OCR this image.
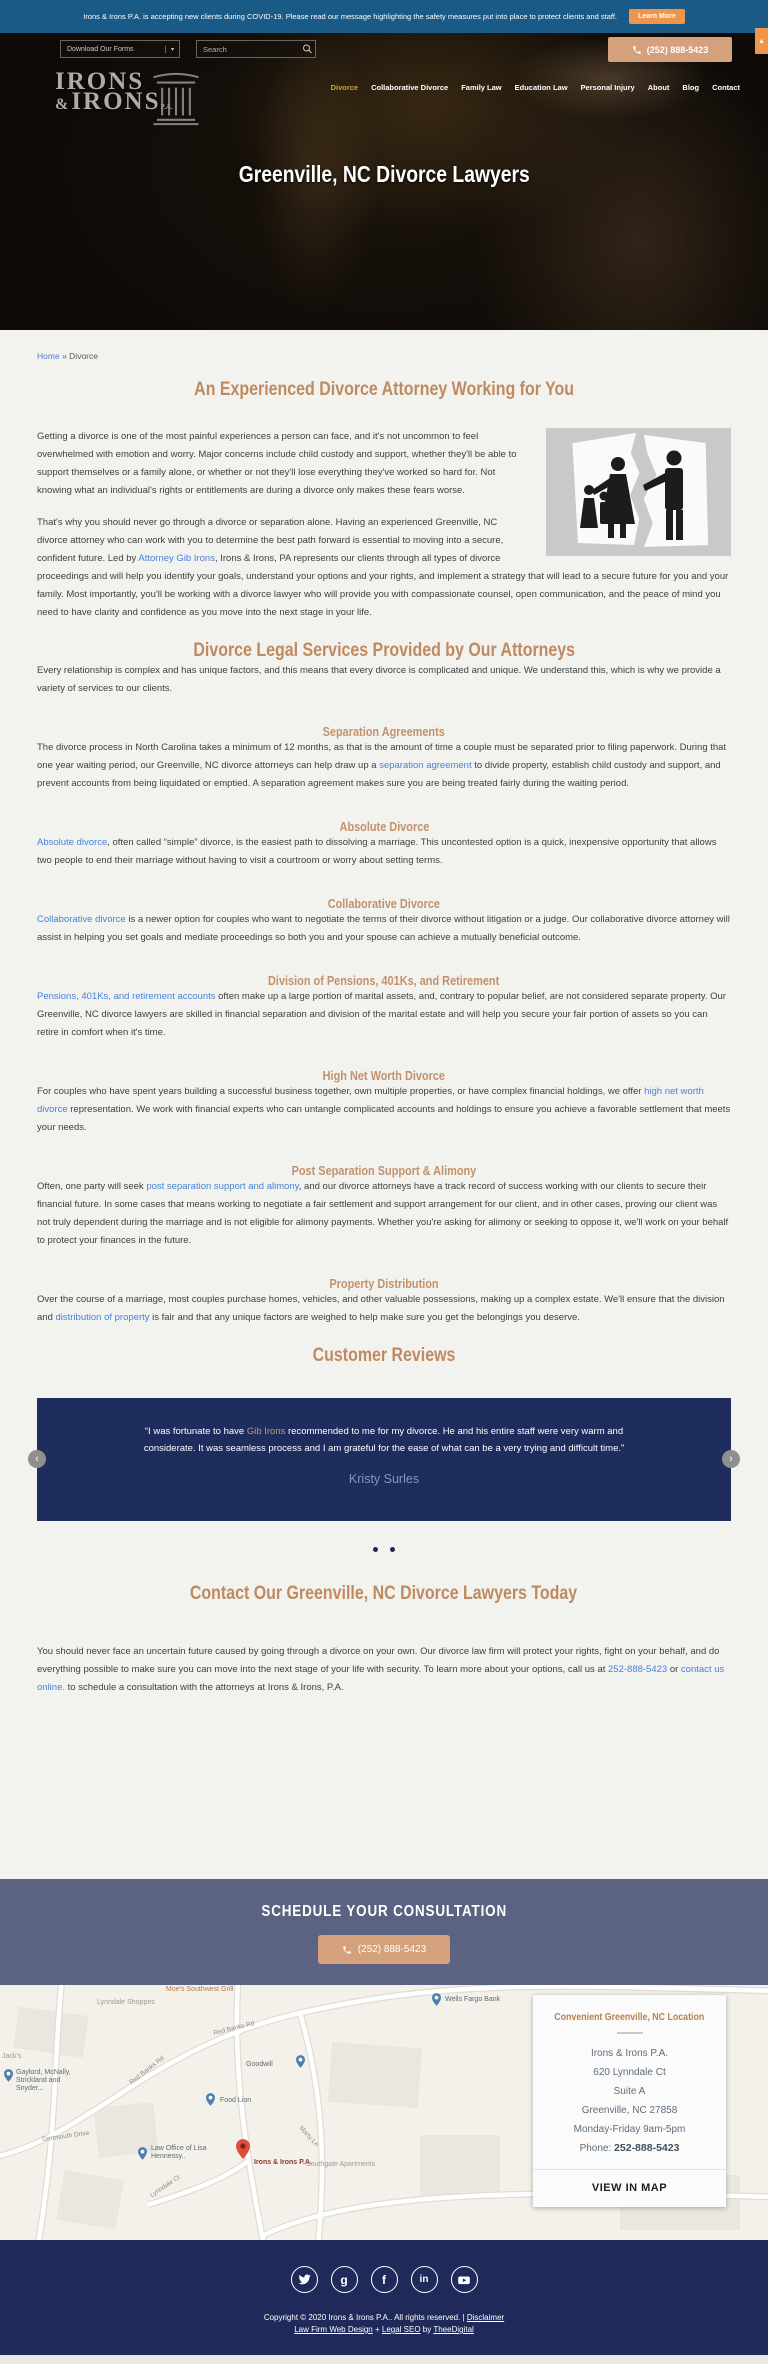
Irons & Irons P.A. is accepting new clients during COVID-19. Please read our message highlighting the safety measures put into place to protect clients and staff.	Learn More
▲
Download Our Forms	▾
Search	(252) 888-5423
IRONS
&IRONSP.A.
Divorce Collaborative Divorce Family Law Education Law Personal Injury About Blog Contact
Greenville, NC Divorce Lawyers
Home » Divorce
An Experienced Divorce Attorney Working for You

Getting a divorce is one of the most painful experiences a person can face, and it's not uncommon to feel overwhelmed with emotion and worry. Major concerns include child custody and support, whether they'll be able to support themselves or a family alone, or whether or not they'll lose everything they've worked so hard for. Not knowing what an individual's rights or entitlements are during a divorce only makes these fears worse.

That's why you should never go through a divorce or separation alone. Having an experienced Greenville, NC divorce attorney who can work with you to determine the best path forward is essential to moving into a secure, confident future. Led by Attorney Gib Irons, Irons & Irons, PA represents our clients through all types of divorce proceedings and will help you identify your goals, understand your options and your rights, and implement a strategy that will lead to a secure future for you and your family. Most importantly, you'll be working with a divorce lawyer who will provide you with compassionate counsel, open communication, and the peace of mind you need to have clarity and confidence as you move into the next stage in your life.

Divorce Legal Services Provided by Our Attorneys

Every relationship is complex and has unique factors, and this means that every divorce is complicated and unique. We understand this, which is why we provide a variety of services to our clients.

Separation Agreements

The divorce process in North Carolina takes a minimum of 12 months, as that is the amount of time a couple must be separated prior to filing paperwork. During that one year waiting period, our Greenville, NC divorce attorneys can help draw up a separation agreement to divide property, establish child custody and support, and prevent accounts from being liquidated or emptied. A separation agreement makes sure you are being treated fairly during the waiting period.

Absolute Divorce

Absolute divorce, often called “simple” divorce, is the easiest path to dissolving a marriage. This uncontested option is a quick, inexpensive opportunity that allows two people to end their marriage without having to visit a courtroom or worry about setting terms.

Collaborative Divorce

Collaborative divorce is a newer option for couples who want to negotiate the terms of their divorce without litigation or a judge. Our collaborative divorce attorney will assist in helping you set goals and mediate proceedings so both you and your spouse can achieve a mutually beneficial outcome.

Division of Pensions, 401Ks, and Retirement

Pensions, 401Ks, and retirement accounts often make up a large portion of marital assets, and, contrary to popular belief, are not considered separate property. Our Greenville, NC divorce lawyers are skilled in financial separation and division of the marital estate and will help you secure your fair portion of assets so you can retire in comfort when it's time.

High Net Worth Divorce

For couples who have spent years building a successful business together, own multiple properties, or have complex financial holdings, we offer high net worth divorce representation. We work with financial experts who can untangle complicated accounts and holdings to ensure you achieve a favorable settlement that meets your needs.

Post Separation Support & Alimony

Often, one party will seek post separation support and alimony, and our divorce attorneys have a track record of success working with our clients to secure their financial future. In some cases that means working to negotiate a fair settlement and support arrangement for our client, and in other cases, proving our client was not truly dependent during the marriage and is not eligible for alimony payments. Whether you're asking for alimony or seeking to oppose it, we'll work on your behalf to protect your finances in the future.

Property Distribution

Over the course of a marriage, most couples purchase homes, vehicles, and other valuable possessions, making up a complex estate. We'll ensure that the division and distribution of property is fair and that any unique factors are weighed to help make sure you get the belongings you deserve.

Customer Reviews
‹
“I was fortunate to have Gib Irons recommended to me for my divorce. He and his entire staff were very warm and considerate. It was seamless process and I am grateful for the ease of what can be a very trying and difficult time.”
Kristy Surles
›

Contact Our Greenville, NC Divorce Lawyers Today

You should never face an uncertain future caused by going through a divorce on your own. Our divorce law firm will protect your rights, fight on your behalf, and do everything possible to make sure you can move into the next stage of your life with security. To learn more about your options, call us at 252-888-5423 or contact us online. to schedule a consultation with the attorneys at Irons & Irons, P.A.

SCHEDULE YOUR CONSULTATION
(252) 888-5423
Jack's
Gaylord, McNally, Strickland and Snyder...
Lynndale Shoppes
Red Banks Rd
Red Banks Rd
Wells Fargo Bank
Moe's Southwest Grill
Goodwill
Food Lion
Law Office of Lisa Hennessy..
Dartmouth Drive
Lynndale Ct
Irons & Irons P.A.
Southgate Apartments
Marty Ln
Convenient Greenville, NC Location
Irons & Irons P.A.
620 Lynndale Ct
Suite A
Greenville, NC 27858
Monday-Friday 9am-5pm
Phone: 252-888-5423
VIEW IN MAP
g	f	in
Copyright © 2020 Irons & Irons P.A.. All rights reserved. | Disclaimer
Law Firm Web Design + Legal SEO by TheeDigital
